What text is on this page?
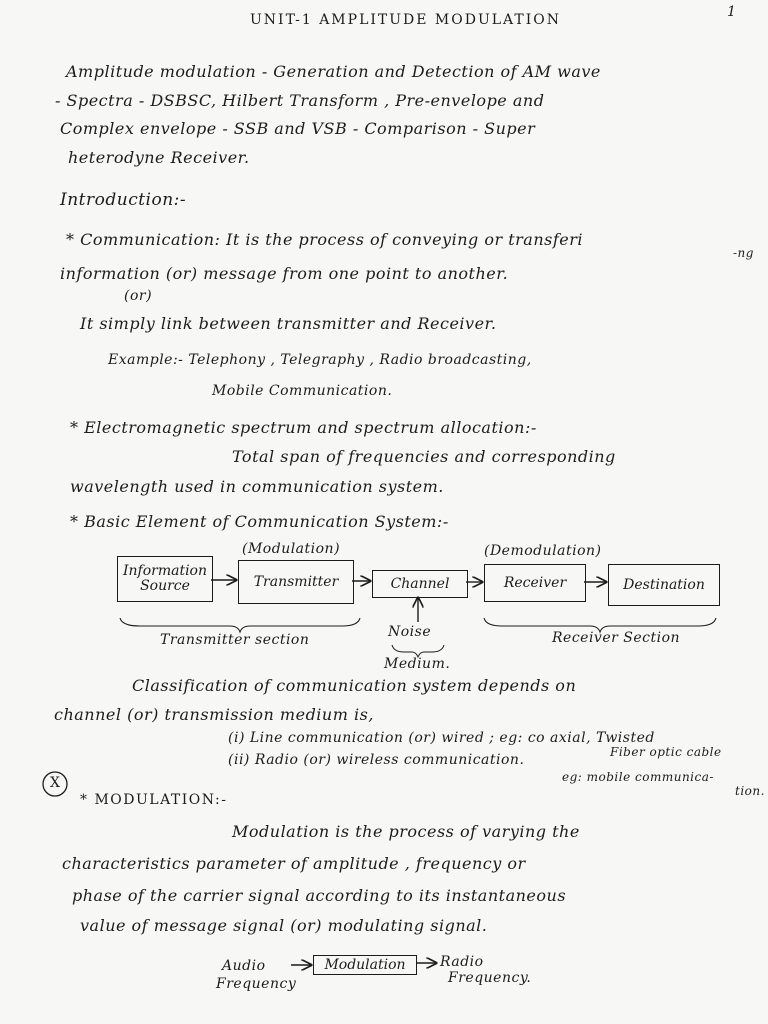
1
UNIT-1 AMPLITUDE MODULATION
Amplitude modulation - Generation and Detection of AM wave
- Spectra - DSBSC, Hilbert Transform , Pre-envelope and
Complex envelope - SSB and VSB - Comparison - Super
heterodyne Receiver.
Introduction:-
* Communication: It is the process of conveying or transferi
-ng
information (or) message from one point to another.
(or)
It simply link between transmitter and Receiver.
Example:- Telephony , Telegraphy , Radio broadcasting,
Mobile Communication.
* Electromagnetic spectrum and spectrum allocation:-
Total span of frequencies and corresponding
wavelength used in communication system.
* Basic Element of Communication System:-
(Modulation)	(Demodulation)
Information Source	Transmitter	Channel	Receiver	Destination
Noise
Transmitter section	Receiver Section
Medium.
Classification of communication system depends on
channel (or) transmission medium is,
(i) Line communication (or) wired ; eg: co axial, Twisted
Fiber optic cable
(ii) Radio (or) wireless communication.
eg: mobile communica-
tion.
X
* MODULATION:-
Modulation is the process of varying the
characteristics parameter of amplitude , frequency or
phase of the carrier signal according to its instantaneous
value of message signal (or) modulating signal.
Audio
Frequency
Modulation Radio
Frequency.
